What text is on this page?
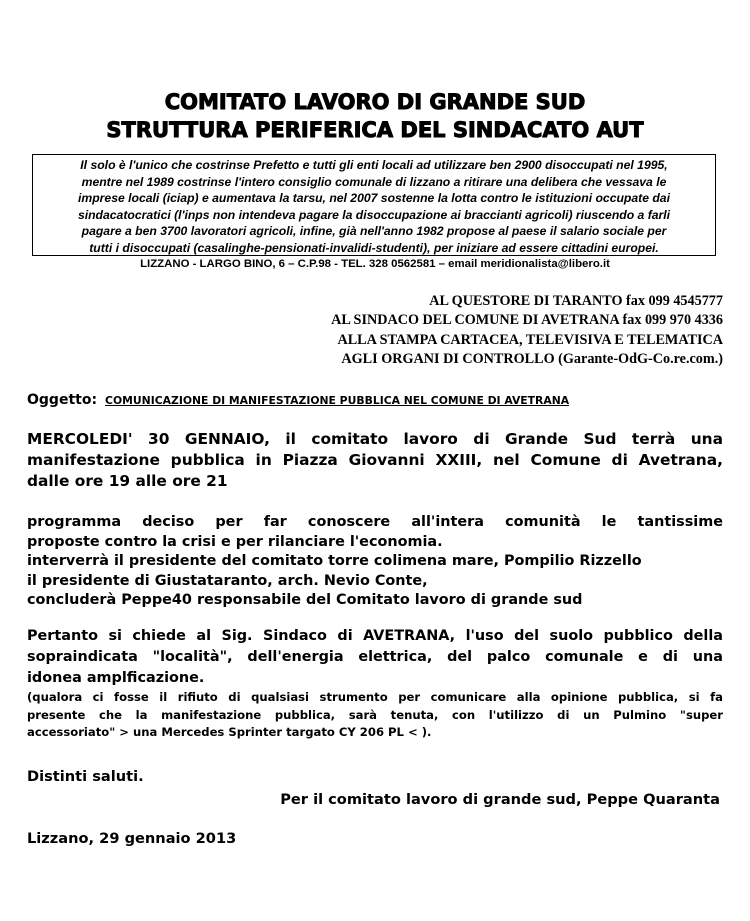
COMITATO LAVORO DI GRANDE SUD
STRUTTURA PERIFERICA DEL SINDACATO AUT
Il solo è l'unico che costrinse Prefetto e tutti gli enti locali ad utilizzare ben 2900 disoccupati nel 1995,
mentre nel 1989 costrinse l'intero consiglio comunale di lizzano a ritirare una delibera che vessava le
imprese locali (iciap) e aumentava la tarsu, nel 2007 sostenne la lotta contro le istituzioni occupate dai
sindacatocratici (l'inps non intendeva pagare la disoccupazione ai braccianti agricoli) riuscendo a farli
pagare a ben 3700 lavoratori agricoli, infine, già nell'anno 1982 propose al paese il salario sociale per
tutti i disoccupati (casalinghe-pensionati-invalidi-studenti), per iniziare ad essere cittadini europei.
LIZZANO - LARGO BINO, 6 – C.P.98 - TEL. 328 0562581 – email meridionalista@libero.it
AL QUESTORE DI TARANTO fax 099 4545777
AL SINDACO DEL COMUNE DI AVETRANA fax 099 970 4336
ALLA STAMPA CARTACEA, TELEVISIVA E TELEMATICA
AGLI ORGANI DI CONTROLLO (Garante-OdG-Co.re.com.)
Oggetto: COMUNICAZIONE DI MANIFESTAZIONE PUBBLICA NEL COMUNE DI AVETRANA
MERCOLEDI' 30 GENNAIO, il comitato lavoro di Grande Sud terrà una
manifestazione pubblica in Piazza Giovanni XXIII, nel Comune di Avetrana,
dalle ore 19 alle ore 21
programma deciso per far conoscere all'intera comunità le tantissime
proposte contro la crisi e per rilanciare l'economia.
interverrà il presidente del comitato torre colimena mare, Pompilio Rizzello
il presidente di Giustataranto, arch. Nevio Conte,
concluderà Peppe40 responsabile del Comitato lavoro di grande sud
Pertanto si chiede al Sig. Sindaco di AVETRANA, l'uso del suolo pubblico della
sopraindicata "località", dell'energia elettrica, del palco comunale e di una
idonea amplficazione.
(qualora ci fosse il rifiuto di qualsiasi strumento per comunicare alla opinione pubblica, si fa
presente che la manifestazione pubblica, sarà tenuta, con l'utilizzo di un Pulmino "super
accessoriato" > una Mercedes Sprinter targato CY 206 PL < ).
Distinti saluti.
Per il comitato lavoro di grande sud, Peppe Quaranta
Lizzano, 29 gennaio 2013
